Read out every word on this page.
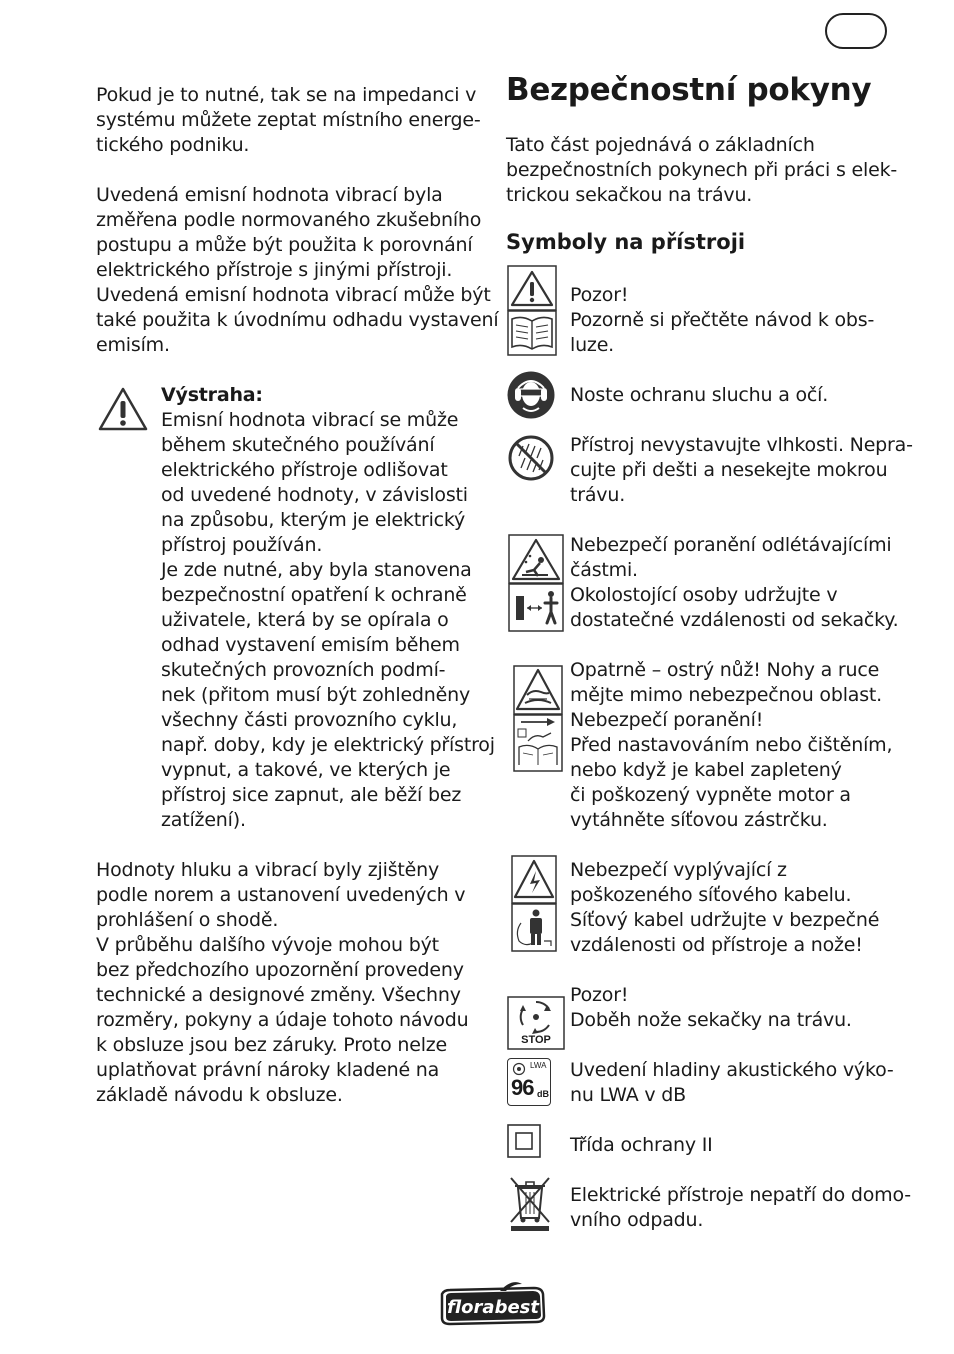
Pokud je to nutné, tak se na impedanci v
systému můžete zeptat místního energe-
tického podniku.
Uvedená emisní hodnota vibrací byla
změřena podle normovaného zkušebního
postupu a může být použita k porovnání
elektrického přístroje s jinými přístroji.
Uvedená emisní hodnota vibrací může být
také použita k úvodnímu odhadu vystavení
emisím.
Výstraha:
Emisní hodnota vibrací se může
během skutečného používání
elektrického přístroje odlišovat
od uvedené hodnoty, v závislosti
na způsobu, kterým je elektrický
přístroj používán.
Je zde nutné, aby byla stanovena
bezpečnostní opatření k ochraně
uživatele, která by se opírala o
odhad vystavení emisím během
skutečných provozních podmí-
nek (přitom musí být zohledněny
všechny části provozního cyklu,
např. doby, kdy je elektrický přístroj
vypnut, a takové, ve kterých je
přístroj sice zapnut, ale běží bez
zatížení).
Hodnoty hluku a vibrací byly zjištěny
podle norem a ustanovení uvedených v
prohlášení o shodě.
V průběhu dalšího vývoje mohou být
bez předchozího upozornění provedeny
technické a designové změny. Všechny
rozměry, pokyny a údaje tohoto návodu
k obsluze jsou bez záruky. Proto nelze
uplatňovat právní nároky kladené na
základě návodu k obsluze.
Bezpečnostní pokyny
Tato část pojednává o základních
bezpečnostních pokynech při práci s elek-
trickou sekačkou na trávu.
Symboly na přístroji
Pozor!
Pozorně si přečtěte návod k obs-
luze.
Noste ochranu sluchu a očí.
Přístroj nevystavujte vlhkosti. Nepra-
cujte při dešti a nesekejte mokrou
trávu.
Nebezpečí poranění odlétávajícími
částmi.
Okolostojící osoby udržujte v
dostatečné vzdálenosti od sekačky.
Opatrně – ostrý nůž! Nohy a ruce
mějte mimo nebezpečnou oblast.
Nebezpečí poranění!
Před nastavováním nebo čištěním,
nebo když je kabel zapletený
či poškozený vypněte motor a
vytáhněte síťovou zástrčku.
Nebezpečí vyplývající z
poškozeného síťového kabelu.
Síťový kabel udržujte v bezpečné
vzdálenosti od přístroje a nože!
STOP
Pozor!
Doběh nože sekačky na trávu.
LWA
96 dB
Uvedení hladiny akustického výko-
nu LWA v dB
Třída ochrany II
Elektrické přístroje nepatří do domo-
vního odpadu.
florabest
